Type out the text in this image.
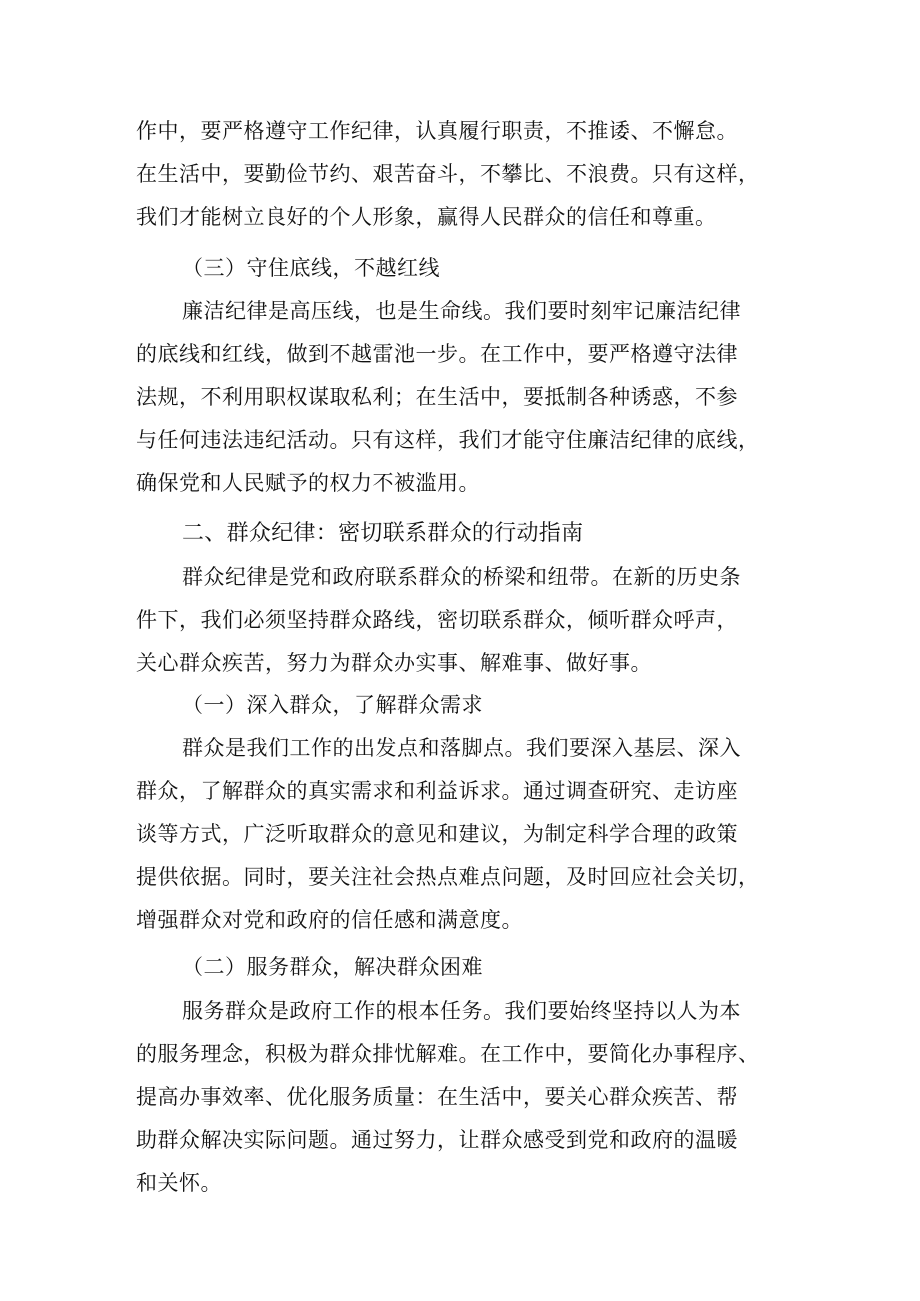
作中，要严格遵守工作纪律，认真履行职责，不推诿、不懈怠。
在生活中，要勤俭节约、艰苦奋斗，不攀比、不浪费。只有这样，
我们才能树立良好的个人形象，赢得人民群众的信任和尊重。
（三）守住底线，不越红线
廉洁纪律是高压线，也是生命线。我们要时刻牢记廉洁纪律
的底线和红线，做到不越雷池一步。在工作中，要严格遵守法律
法规，不利用职权谋取私利；在生活中，要抵制各种诱惑，不参
与任何违法违纪活动。只有这样，我们才能守住廉洁纪律的底线，
确保党和人民赋予的权力不被滥用。
二、群众纪律：密切联系群众的行动指南
群众纪律是党和政府联系群众的桥梁和纽带。在新的历史条
件下，我们必须坚持群众路线，密切联系群众，倾听群众呼声，
关心群众疾苦，努力为群众办实事、解难事、做好事。
（一）深入群众，了解群众需求
群众是我们工作的出发点和落脚点。我们要深入基层、深入
群众，了解群众的真实需求和利益诉求。通过调查研究、走访座
谈等方式，广泛听取群众的意见和建议，为制定科学合理的政策
提供依据。同时，要关注社会热点难点问题，及时回应社会关切，
增强群众对党和政府的信任感和满意度。
（二）服务群众，解决群众困难
服务群众是政府工作的根本任务。我们要始终坚持以人为本
的服务理念，积极为群众排忧解难。在工作中，要简化办事程序、
提高办事效率、优化服务质量：在生活中，要关心群众疾苦、帮
助群众解决实际问题。通过努力，让群众感受到党和政府的温暖
和关怀。
